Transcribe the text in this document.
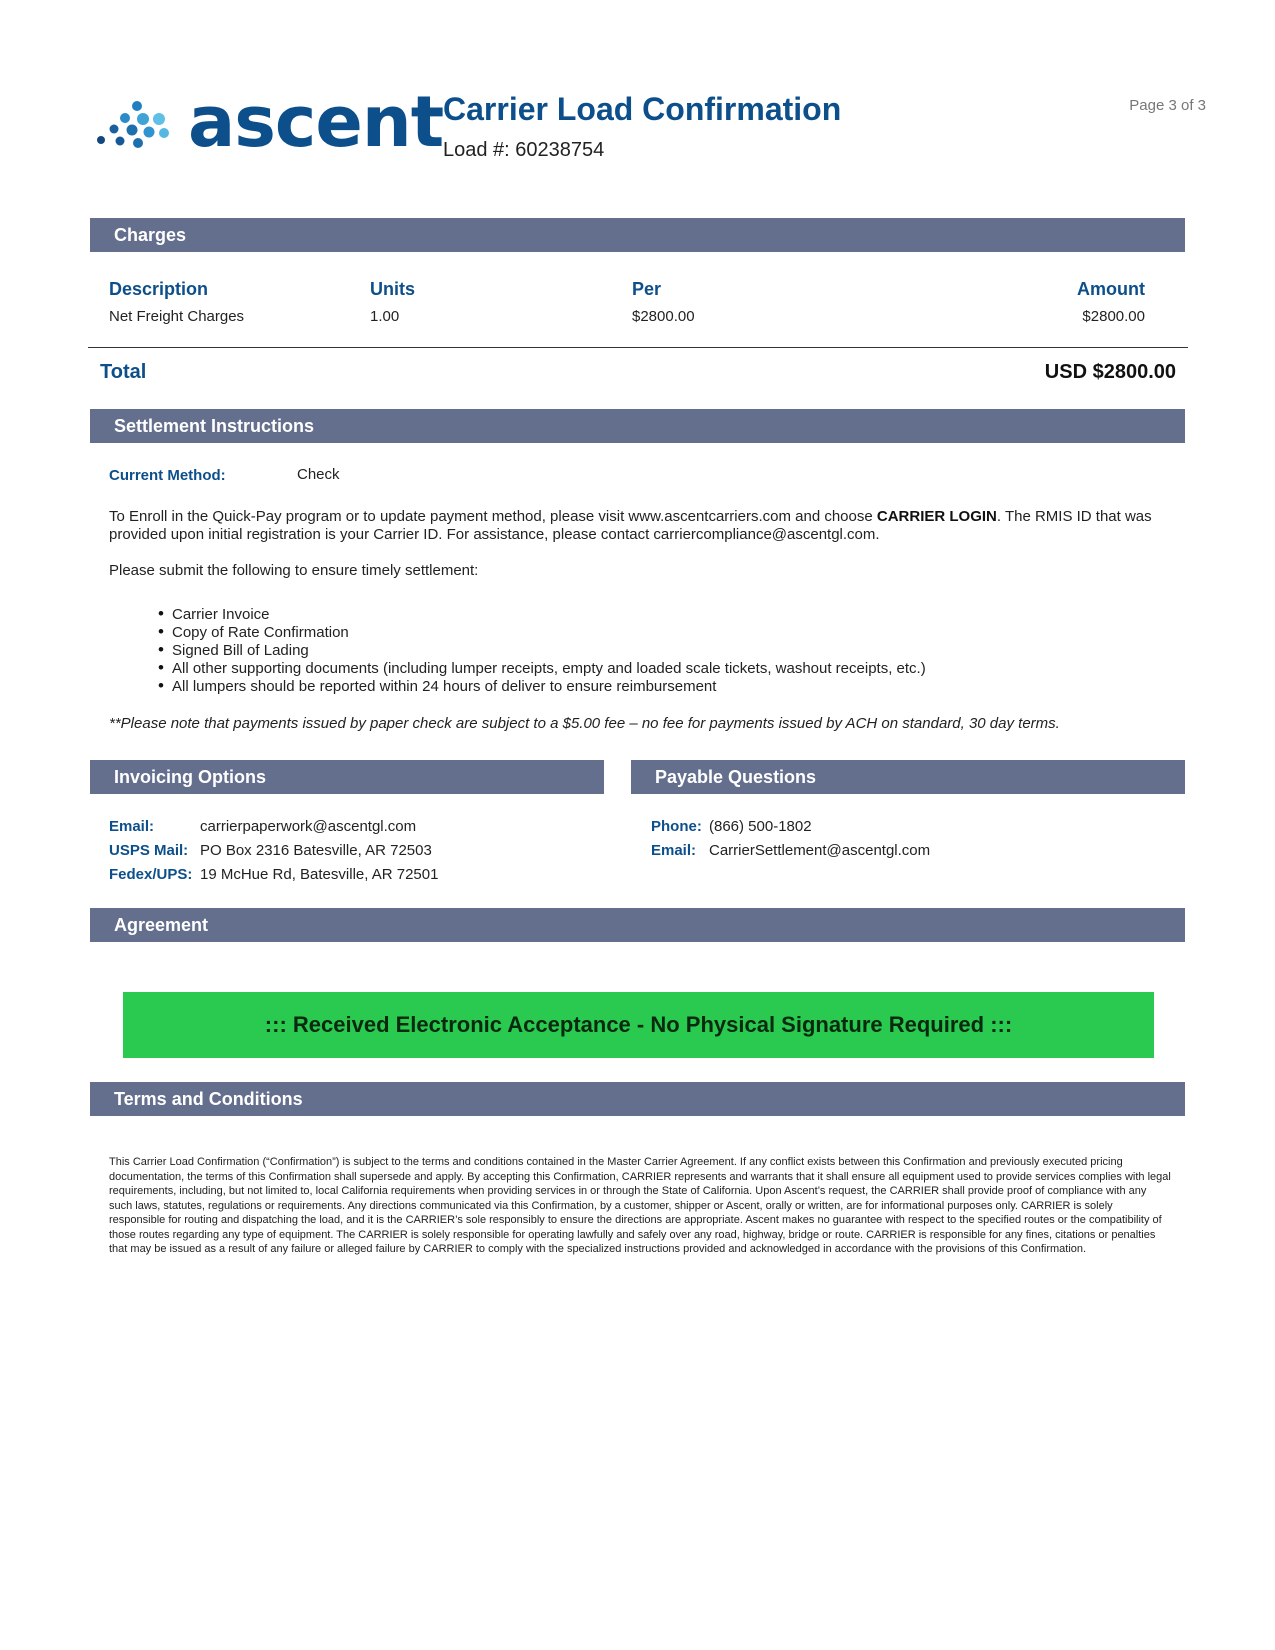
ascent Carrier Load Confirmation
Load #: 60238754
Page 3 of 3
Charges
Description	Units	Per	Amount
Net Freight Charges	1.00	$2800.00	$2800.00
Total	USD $2800.00
Settlement Instructions
Current Method:	Check
To Enroll in the Quick-Pay program or to update payment method, please visit www.ascentcarriers.com and choose CARRIER LOGIN. The RMIS ID that was provided upon initial registration is your Carrier ID. For assistance, please contact carriercompliance@ascentgl.com.
Please submit the following to ensure timely settlement:
• Carrier Invoice
• Copy of Rate Confirmation
• Signed Bill of Lading
• All other supporting documents (including lumper receipts, empty and loaded scale tickets, washout receipts, etc.)
• All lumpers should be reported within 24 hours of deliver to ensure reimbursement
**Please note that payments issued by paper check are subject to a $5.00 fee – no fee for payments issued by ACH on standard, 30 day terms.
Invoicing Options	Payable Questions
Email:	carrierpaperwork@ascentgl.com
USPS Mail: PO Box 2316 Batesville, AR 72503
Fedex/UPS: 19 McHue Rd, Batesville, AR 72501
Phone: (866) 500-1802
Email: CarrierSettlement@ascentgl.com
Agreement
::: Received Electronic Acceptance - No Physical Signature Required :::
Terms and Conditions
This Carrier Load Confirmation (“Confirmation”) is subject to the terms and conditions contained in the Master Carrier Agreement. If any conflict exists between this Confirmation and previously executed pricing documentation, the terms of this Confirmation shall supersede and apply. By accepting this Confirmation, CARRIER represents and warrants that it shall ensure all equipment used to provide services complies with legal requirements, including, but not limited to, local California requirements when providing services in or through the State of California. Upon Ascent’s request, the CARRIER shall provide proof of compliance with any such laws, statutes, regulations or requirements. Any directions communicated via this Confirmation, by a customer, shipper or Ascent, orally or written, are for informational purposes only. CARRIER is solely responsible for routing and dispatching the load, and it is the CARRIER’s sole responsibly to ensure the directions are appropriate. Ascent makes no guarantee with respect to the specified routes or the compatibility of those routes regarding any type of equipment. The CARRIER is solely responsible for operating lawfully and safely over any road, highway, bridge or route. CARRIER is responsible for any fines, citations or penalties that may be issued as a result of any failure or alleged failure by CARRIER to comply with the specialized instructions provided and acknowledged in accordance with the provisions of this Confirmation.
